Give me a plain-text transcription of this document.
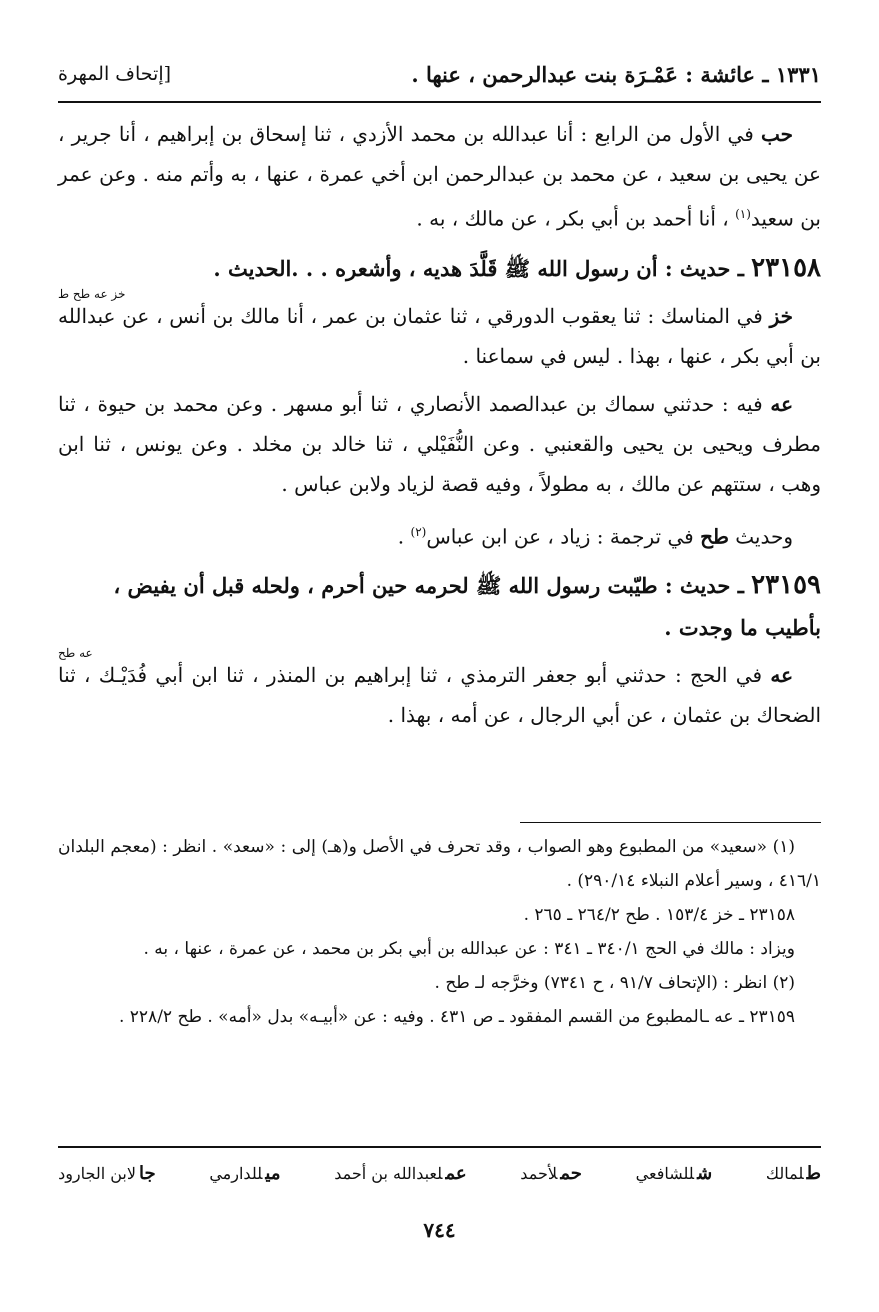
١٣٣١ ـ عائشة : عَمْـرَة بنت عبدالرحمن ، عنها .
[إتحاف المهرة

حب في الأول من الرابع : أنا عبدالله بن محمد الأزدي ، ثنا إسحاق بن إبراهيم ، أنا جرير ، عن يحيى بن سعيد ، عن محمد بن عبدالرحمن ابن أخي عمرة ، عنها ، به وأتم منه . وعن عمر بن سعيد$^{(١)}$ ، أنا أحمد بن أبي بكر ، عن مالك ، به .

٢٣١٥٨ ـ حديث : أن رسول الله ﷺ قَلَّدَ هديه ، وأشعره . . .الحديث .

خز عه طح ط

خز في المناسك : ثنا يعقوب الدورقي ، ثنا عثمان بن عمر ، أنا مالك بن أنس ، عن عبدالله بن أبي بكر ، عنها ، بهذا . ليس في سماعنا .

عه فيه : حدثني سماك بن عبدالصمد الأنصاري ، ثنا أبو مسهر . وعن محمد بن حيوة ، ثنا مطرف ويحيى بن يحيى والقعنبي . وعن النُّفَيْلي ، ثنا خالد بن مخلد . وعن يونس ، ثنا ابن وهب ، ستتهم عن مالك ، به مطولاً ، وفيه قصة لزياد ولابن عباس .

وحديث طح في ترجمة : زياد ، عن ابن عباس$^{(٢)}$ .

٢٣١٥٩ ـ حديث : طيّبت رسول الله ﷺ لحرمه حين أحرم ، ولحله قبل أن يفيض ، بأطيب ما وجدت .

عه طح

عه في الحج : حدثني أبو جعفر الترمذي ، ثنا إبراهيم بن المنذر ، ثنا ابن أبي فُدَيْـك ، ثنا الضحاك بن عثمان ، عن أبي الرجال ، عن أمه ، بهذا .

(١) «سعيد» من المطبوع وهو الصواب ، وقد تحرف في الأصل و(هـ) إلى : «سعد» . انظر : (معجم البلدان ٤١٦/١ ، وسير أعلام النبلاء ٢٩٠/١٤) .

٢٣١٥٨ ـ خز ١٥٣/٤ . طح ٢٦٤/٢ ـ ٢٦٥ .

ويزاد : مالك في الحج ٣٤٠/١ ـ ٣٤١ : عن عبدالله بن أبي بكر بن محمد ، عن عمرة ، عنها ، به .

(٢) انظر : (الإتحاف ٩١/٧ ، ح ٧٣٤١) وخرَّجه لـ طح .

٢٣١٥٩ ـ عه ـالمطبوع من القسم المفقود ـ ص ٤٣١ . وفيه : عن «أبيـه» بدل «أمه» . طح ٢٢٨/٢ .

طلمالك
شللشافعي
حملأحمد
عملعبدالله بن أحمد
ميللدارمي
جالابن الجارود
٧٤٤
